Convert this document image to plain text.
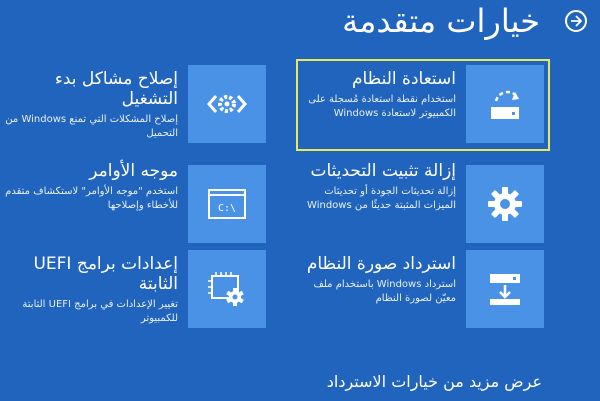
خيارات متقدمة
استعادة النظام
استخدام نقطة استعادة مُسجلة على الكمبيوتر لاستعادة Windows
إصلاح مشاكل بدء التشغيل
إصلاح المشكلات التي تمنع Windows من التحميل
إزالة تثبيت التحديثات
إزالة تحديثات الجودة أو تحديثات الميزات المثبتة حديثًا من Windows
C:\
موجه الأوامر
استخدم "موجه الأوامر" لاستكشاف متقدم للأخطاء وإصلاحها
استرداد صورة النظام
استرداد Windows باستخدام ملف معيّن لصورة النظام
إعدادات برامج UEFI الثابتة
تغيير الإعدادات في برامج UEFI الثابتة للكمبيوتر
عرض مزيد من خيارات الاسترداد
